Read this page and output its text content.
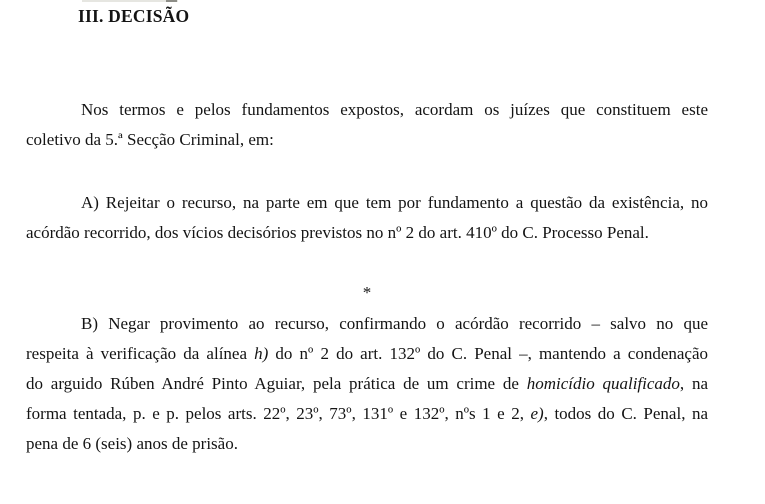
III. DECISÃO
Nos termos e pelos fundamentos expostos, acordam os juízes que constituem este
coletivo da 5.ª Secção Criminal, em:
A) Rejeitar o recurso, na parte em que tem por fundamento a questão da existência, no
acórdão recorrido, dos vícios decisórios previstos no nº 2 do art. 410º do C. Processo Penal.
*
B) Negar provimento ao recurso, confirmando o acórdão recorrido – salvo no que
respeita à verificação da alínea h) do nº 2 do art. 132º do C. Penal –, mantendo a condenação
do arguido Rúben André Pinto Aguiar, pela prática de um crime de homicídio qualificado, na
forma tentada, p. e p. pelos arts. 22º, 23º, 73º, 131º e 132º, nºs 1 e 2, e), todos do C. Penal, na
pena de 6 (seis) anos de prisão.
